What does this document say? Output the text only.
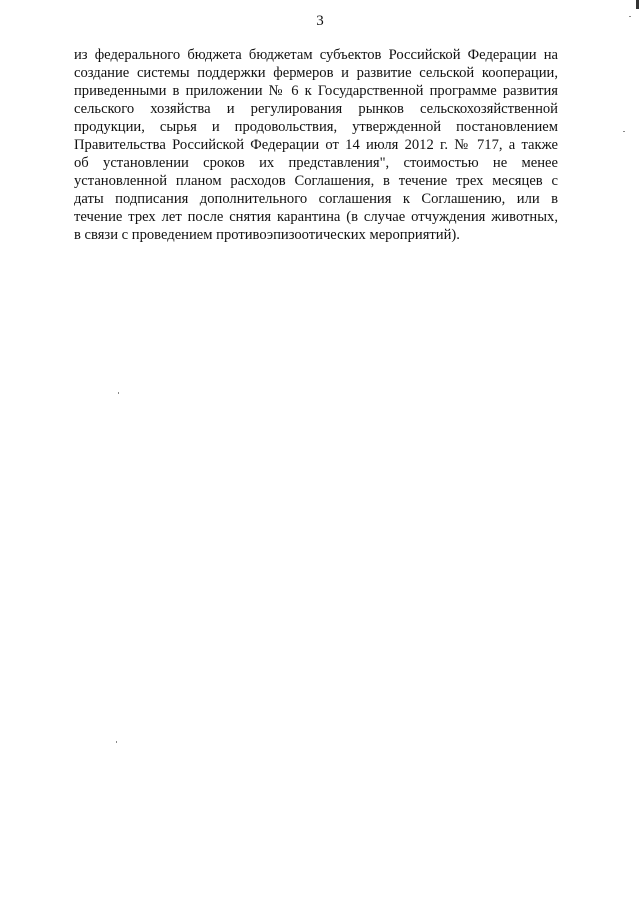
3
из федерального бюджета бюджетам субъектов Российской Федерации на
создание системы поддержки фермеров и развитие сельской кооперации,
приведенными в приложении № 6 к Государственной программе развития
сельского хозяйства и регулирования рынков сельскохозяйственной
продукции, сырья и продовольствия, утвержденной постановлением
Правительства Российской Федерации от 14 июля 2012 г. № 717, а также
об установлении сроков их представления", стоимостью не менее
установленной планом расходов Соглашения, в течение трех месяцев с
даты подписания дополнительного соглашения к Соглашению, или в
течение трех лет после снятия карантина (в случае отчуждения животных,
в связи с проведением противоэпизоотических мероприятий).
